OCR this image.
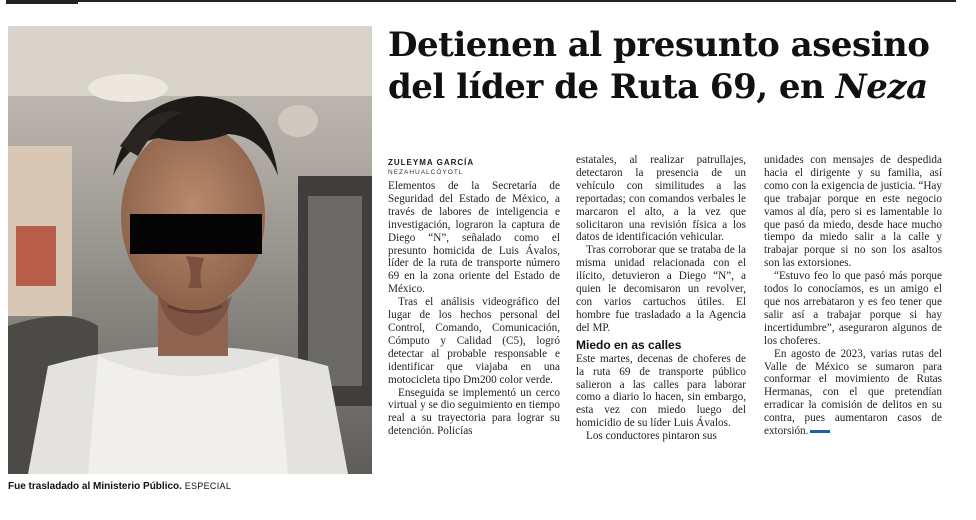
Fue trasladado al Ministerio Público. ESPECIAL
Detienen al presunto asesino
del líder de Ruta 69, en Neza
ZULEYMA GARCÍA
NEZAHUALCÓYOTL

Elementos de la Secretaría de Seguridad del Estado de México, a través de labores de inteligencia e investigación, lograron la captura de Diego “N”, señalado como el presunto homicida de Luis Ávalos, líder de la ruta de transporte número 69 en la zona oriente del Estado de México.

Tras el análisis videográfico del lugar de los hechos personal del Control, Comando, Comunicación, Cómputo y Calidad (C5), logró detectar al probable responsable e identificar que viajaba en una motocicleta tipo Dm200 color verde.

Enseguida se implementó un cerco virtual y se dio seguimiento en tiempo real a su trayectoria para lograr su detención. Policías

estatales, al realizar patrullajes, detectaron la presencia de un vehículo con similitudes a las reportadas; con comandos verbales le marcaron el alto, a la vez que solicitaron una revisión física a los datos de identificación vehicular.

Tras corroborar que se trataba de la misma unidad relacionada con el ilícito, detuvieron a Diego “N”, a quien le decomisaron un revolver, con varios cartuchos útiles. El hombre fue trasladado a la Agencia del MP.

Miedo en as calles

Este martes, decenas de choferes de la ruta 69 de transporte público salieron a las calles para laborar como a diario lo hacen, sin embargo, esta vez con miedo luego del homicidio de su líder Luis Ávalos.

Los conductores pintaron sus

unidades con mensajes de despedida hacia el dirigente y su familia, así como con la exigencia de justicia. “Hay que trabajar porque en este negocio vamos al día, pero si es lamentable lo que pasó da miedo, desde hace mucho tiempo da miedo salir a la calle y trabajar porque si no son los asaltos son las extorsiones.

“Estuvo feo lo que pasó más porque todos lo conocíamos, es un amigo el que nos arrebataron y es feo tener que salir así a trabajar porque si hay incertidumbre”, aseguraron algunos de los choferes.

En agosto de 2023, varias rutas del Valle de México se sumaron para conformar el movimiento de Rutas Hermanas, con el que pretendían erradicar la comisión de delitos en su contra, pues aumentaron casos de extorsión.
